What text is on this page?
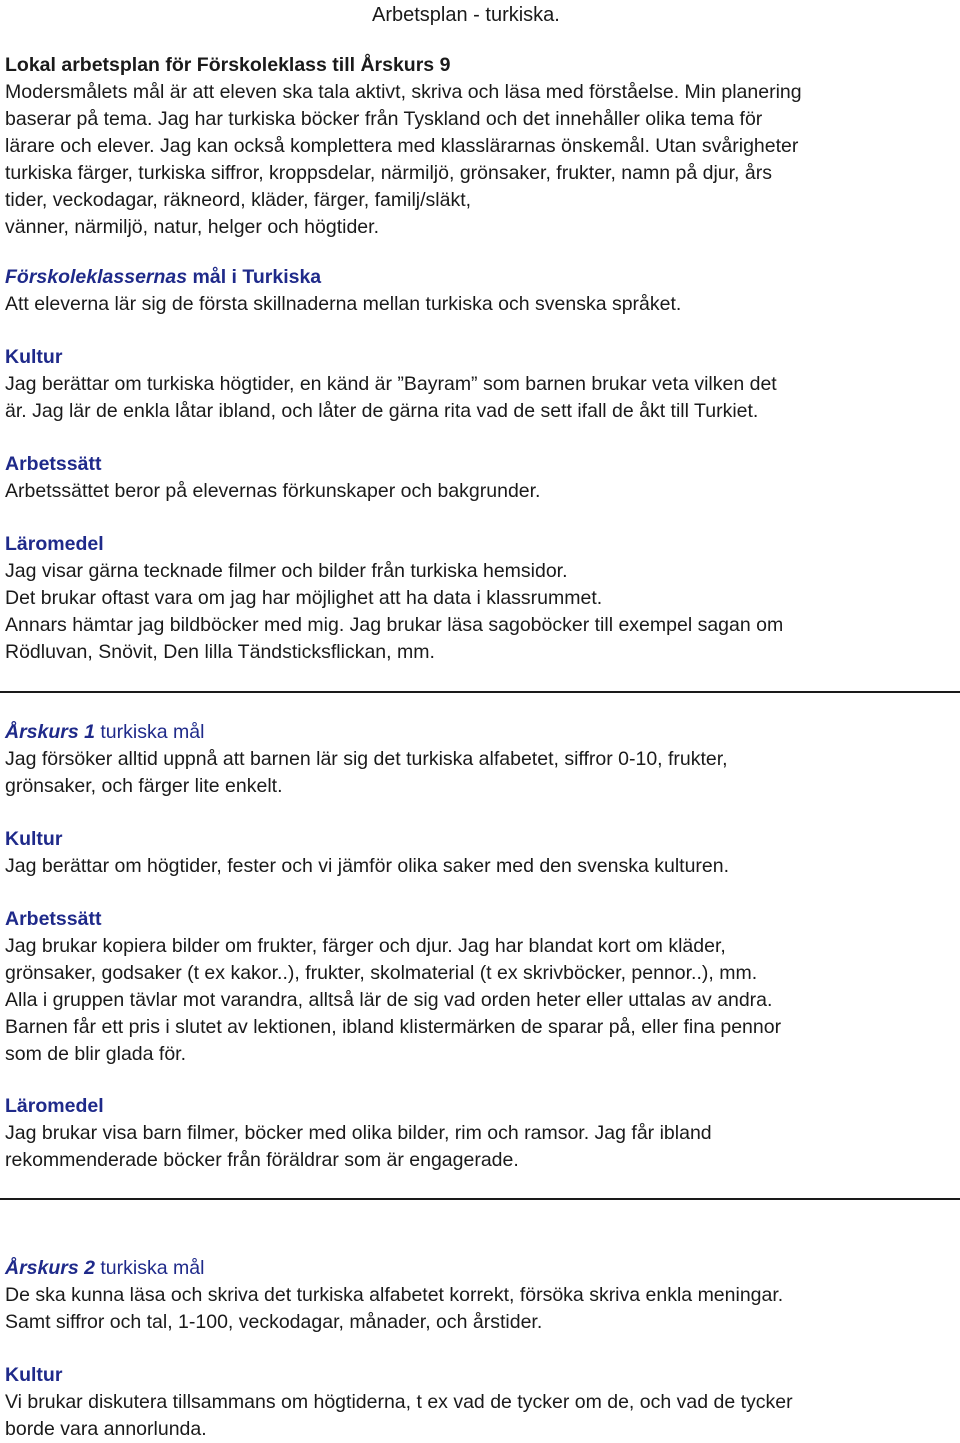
Arbetsplan - turkiska.

Lokal arbetsplan för Förskoleklass till Årskurs 9
Modersmålets mål är att eleven ska tala aktivt, skriva och läsa med förståelse. Min planering
baserar på tema. Jag har turkiska böcker från Tyskland och det innehåller olika tema för
lärare och elever. Jag kan också komplettera med klasslärarnas önskemål. Utan svårigheter
turkiska färger, turkiska siffror, kroppsdelar, närmiljö, grönsaker, frukter, namn på djur, års
tider, veckodagar, räkneord, kläder, färger, familj/släkt,
vänner, närmiljö, natur, helger och högtider.

Förskoleklassernas mål i Turkiska
Att eleverna lär sig de första skillnaderna mellan turkiska och svenska språket.

Kultur
Jag berättar om turkiska högtider, en känd är ”Bayram” som barnen brukar veta vilken det
är. Jag lär de enkla låtar ibland, och låter de gärna rita vad de sett ifall de åkt till Turkiet.

Arbetssätt
Arbetssättet beror på elevernas förkunskaper och bakgrunder.

Läromedel
Jag visar gärna tecknade filmer och bilder från turkiska hemsidor.
Det brukar oftast vara om jag har möjlighet att ha data i klassrummet.
Annars hämtar jag bildböcker med mig. Jag brukar läsa sagoböcker till exempel sagan om
Rödluvan, Snövit, Den lilla Tändsticksflickan, mm.

Årskurs 1 turkiska mål
Jag försöker alltid uppnå att barnen lär sig det turkiska alfabetet, siffror 0-10, frukter,
grönsaker, och färger lite enkelt.

Kultur
Jag berättar om högtider, fester och vi jämför olika saker med den svenska kulturen.

Arbetssätt
Jag brukar kopiera bilder om frukter, färger och djur. Jag har blandat kort om kläder,
grönsaker, godsaker (t ex kakor..), frukter, skolmaterial (t ex skrivböcker, pennor..), mm.
Alla i gruppen tävlar mot varandra, alltså lär de sig vad orden heter eller uttalas av andra.
Barnen får ett pris i slutet av lektionen, ibland klistermärken de sparar på, eller fina pennor
som de blir glada för.

Läromedel
Jag brukar visa barn filmer, böcker med olika bilder, rim och ramsor. Jag får ibland
rekommenderade böcker från föräldrar som är engagerade.

Årskurs 2 turkiska mål
De ska kunna läsa och skriva det turkiska alfabetet korrekt, försöka skriva enkla meningar.
Samt siffror och tal, 1-100, veckodagar, månader, och årstider.

Kultur
Vi brukar diskutera tillsammans om högtiderna, t ex vad de tycker om de, och vad de tycker
borde vara annorlunda.
